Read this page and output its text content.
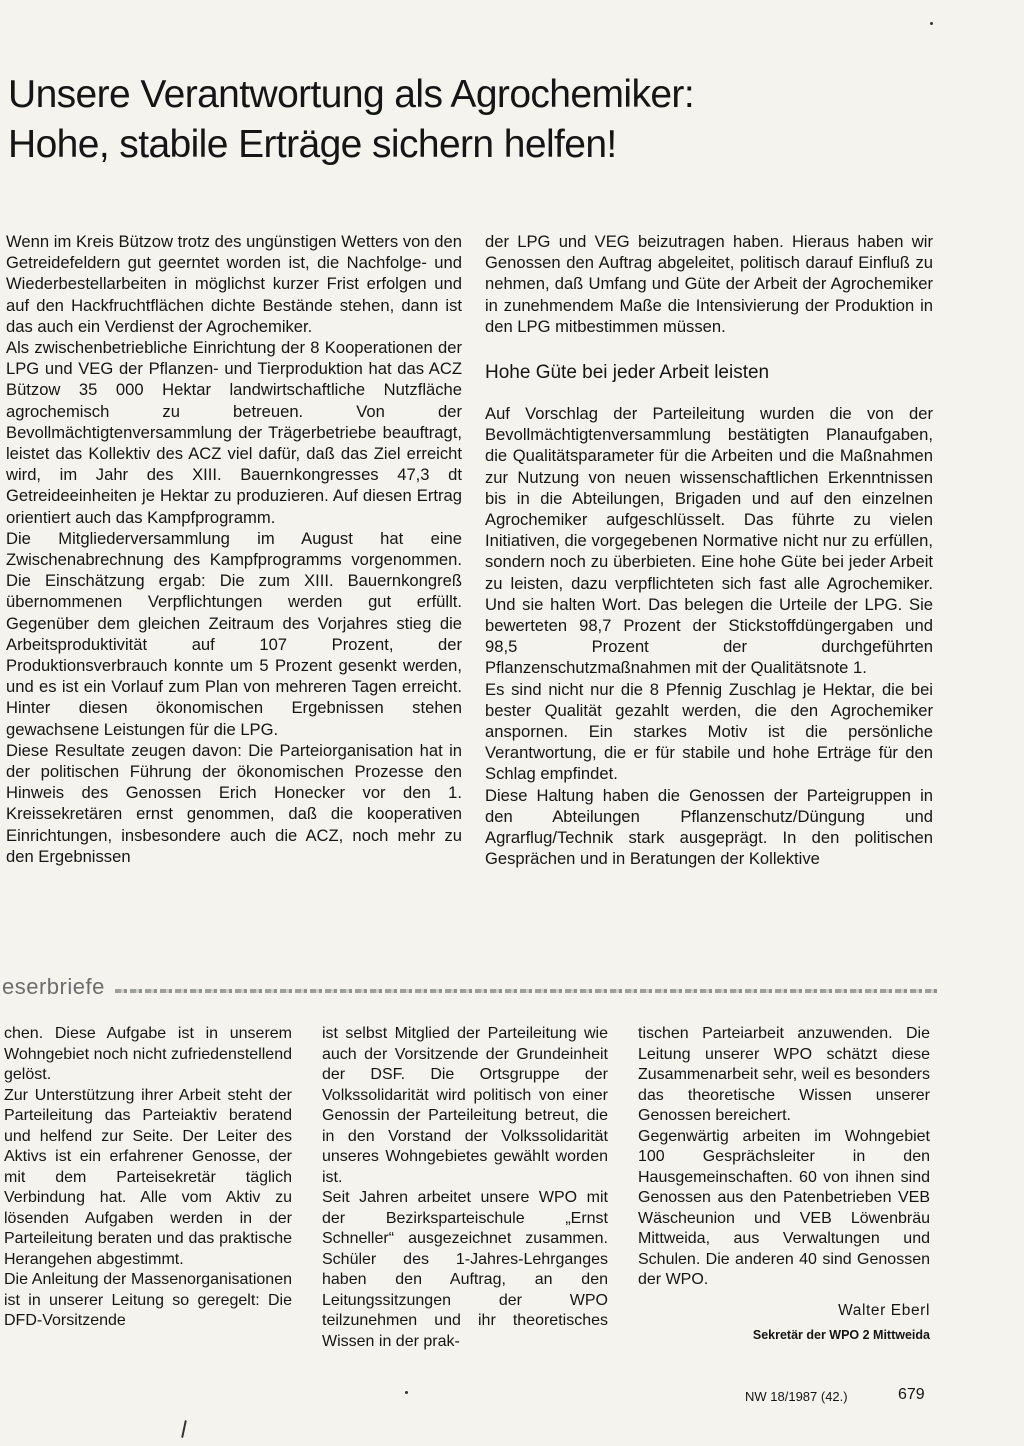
Unsere Verantwortung als Agrochemiker:
Hohe, stabile Erträge sichern helfen!

Wenn im Kreis Bützow trotz des ungünstigen Wetters von den Getreidefeldern gut geerntet worden ist, die Nachfolge- und Wiederbestellarbeiten in möglichst kurzer Frist erfolgen und auf den Hackfruchtflächen dichte Bestände stehen, dann ist das auch ein Verdienst der Agrochemiker.

Als zwischenbetriebliche Einrichtung der 8 Kooperationen der LPG und VEG der Pflanzen- und Tierproduktion hat das ACZ Bützow 35 000 Hektar landwirtschaftliche Nutzfläche agrochemisch zu betreuen. Von der Bevollmächtigtenversammlung der Trägerbetriebe beauftragt, leistet das Kollektiv des ACZ viel dafür, daß das Ziel erreicht wird, im Jahr des XIII. Bauernkongresses 47,3 dt Getreideeinheiten je Hektar zu produzieren. Auf diesen Ertrag orientiert auch das Kampfprogramm.

Die Mitgliederversammlung im August hat eine Zwischenabrechnung des Kampfprogramms vorgenommen. Die Einschätzung ergab: Die zum XIII. Bauernkongreß übernommenen Verpflichtungen werden gut erfüllt. Gegenüber dem gleichen Zeitraum des Vorjahres stieg die Arbeitsproduktivität auf 107 Prozent, der Produktionsverbrauch konnte um 5 Prozent gesenkt werden, und es ist ein Vorlauf zum Plan von mehreren Tagen erreicht. Hinter diesen ökonomischen Ergebnissen stehen gewachsene Leistungen für die LPG.

Diese Resultate zeugen davon: Die Parteiorganisation hat in der politischen Führung der ökonomischen Prozesse den Hinweis des Genossen Erich Honecker vor den 1. Kreissekretären ernst genommen, daß die kooperativen Einrichtungen, insbesondere auch die ACZ, noch mehr zu den Ergebnissen

der LPG und VEG beizutragen haben. Hieraus haben wir Genossen den Auftrag abgeleitet, politisch darauf Einfluß zu nehmen, daß Umfang und Güte der Arbeit der Agrochemiker in zunehmendem Maße die Intensivierung der Produktion in den LPG mitbestimmen müssen.

Hohe Güte bei jeder Arbeit leisten

Auf Vorschlag der Parteileitung wurden die von der Bevollmächtigtenversammlung bestätigten Planaufgaben, die Qualitätsparameter für die Arbeiten und die Maßnahmen zur Nutzung von neuen wissenschaftlichen Erkenntnissen bis in die Abteilungen, Brigaden und auf den einzelnen Agrochemiker aufgeschlüsselt. Das führte zu vielen Initiativen, die vorgegebenen Normative nicht nur zu erfüllen, sondern noch zu überbieten. Eine hohe Güte bei jeder Arbeit zu leisten, dazu verpflichteten sich fast alle Agrochemiker. Und sie halten Wort. Das belegen die Urteile der LPG. Sie bewerteten 98,7 Prozent der Stickstoffdüngergaben und 98,5 Prozent der durchgeführten Pflanzenschutzmaßnahmen mit der Qualitätsnote 1.

Es sind nicht nur die 8 Pfennig Zuschlag je Hektar, die bei bester Qualität gezahlt werden, die den Agrochemiker anspornen. Ein starkes Motiv ist die persönliche Verantwortung, die er für stabile und hohe Erträge für den Schlag empfindet.

Diese Haltung haben die Genossen der Parteigruppen in den Abteilungen Pflanzenschutz/Düngung und Agrarflug/Technik stark ausgeprägt. In den politischen Gesprächen und in Beratungen der Kollektive

eserbriefe

chen. Diese Aufgabe ist in unserem Wohngebiet noch nicht zufriedenstellend gelöst.

Zur Unterstützung ihrer Arbeit steht der Parteileitung das Parteiaktiv beratend und helfend zur Seite. Der Leiter des Aktivs ist ein erfahrener Genosse, der mit dem Parteisekretär täglich Verbindung hat. Alle vom Aktiv zu lösenden Aufgaben werden in der Parteileitung beraten und das praktische Herangehen abgestimmt.

Die Anleitung der Massenorganisationen ist in unserer Leitung so geregelt: Die DFD-Vorsitzende

ist selbst Mitglied der Parteileitung wie auch der Vorsitzende der Grundeinheit der DSF. Die Ortsgruppe der Volkssolidarität wird politisch von einer Genossin der Parteileitung betreut, die in den Vorstand der Volkssolidarität unseres Wohngebietes gewählt worden ist.

Seit Jahren arbeitet unsere WPO mit der Bezirksparteischule „Ernst Schneller“ ausgezeichnet zusammen. Schüler des 1-Jahres-Lehrganges haben den Auftrag, an den Leitungssitzungen der WPO teilzunehmen und ihr theoretisches Wissen in der prak-

tischen Parteiarbeit anzuwenden. Die Leitung unserer WPO schätzt diese Zusammenarbeit sehr, weil es besonders das theoretische Wissen unserer Genossen bereichert.

Gegenwärtig arbeiten im Wohngebiet 100 Gesprächsleiter in den Hausgemeinschaften. 60 von ihnen sind Genossen aus den Patenbetrieben VEB Wäscheunion und VEB Löwenbräu Mittweida, aus Verwaltungen und Schulen. Die anderen 40 sind Genossen der WPO.

Walter Eberl
Sekretär der WPO 2 Mittweida
NW 18/1987 (42.)	679
